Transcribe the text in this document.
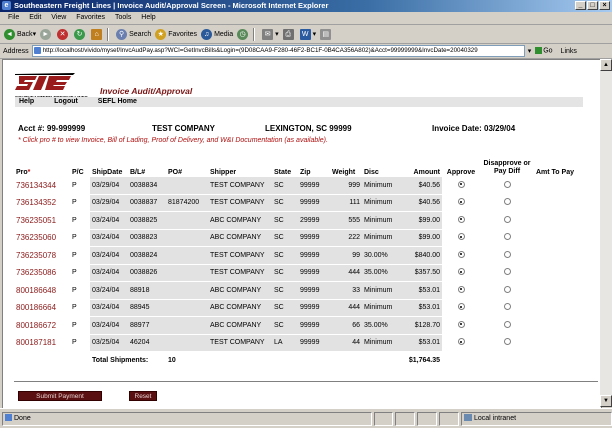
e Southeastern Freight Lines | Invoice Audit/Approval Screen - Microsoft Internet Explorer	_	□	×
File Edit View Favorites Tools Help
◄ Back ▾ ►	✕	↻	⌂	⚲ Search ★ Favorites ♫ Media ◷	✉ ▾ ⎙	W ▾ ▤
Address	http://localhost/vivido/mysef/InvcAudPay.asp?WCI=GetInvcBills&Login=(9D08CAA9-F280-46F2-BC1F-0B4CA356A802)&Acct=99999999&InvcDate=20040329	▾	Go Links
▲
▼
Invoice Audit/Approval
Help	Logout	SEFL Home
Acct #: 99-999999	TEST COMPANY	LEXINGTON, SC 99999	Invoice Date: 03/29/04
* Click pro # to view Invoice, Bill of Lading, Proof of Delivery, and W&I Documentation (as available).
Pro*	P/C	ShipDate	B/L#	PO#	Shipper	State	Zip	Weight	Disc	Amount	Approve	Disapprove or Pay Diff	Amt To Pay
736134344	P	03/29/04	0038834		TEST COMPANY	SC	99999	999	Minimum	$40.56			
736134352	P	03/29/04	0038837	81874200	TEST COMPANY	SC	99999	111	Minimum	$40.56			
736235051	P	03/24/04	0038825		ABC COMPANY	SC	29999	555	Minimum	$99.00			
736235060	P	03/24/04	0038823		ABC COMPANY	SC	99999	222	Minimum	$99.00			
736235078	P	03/24/04	0038824		TEST COMPANY	SC	99999	99	30.00%	$840.00			
736235086	P	03/24/04	0038826		TEST COMPANY	SC	99999	444	35.00%	$357.50			
800186648	P	03/24/04	88918		ABC COMPANY	SC	99999	33	Minimum	$53.01			
800186664	P	03/24/04	88945		ABC COMPANY	SC	99999	444	Minimum	$53.01			
800186672	P	03/24/04	88977		ABC COMPANY	SC	99999	66	35.00%	$128.70			
800187181	P	03/25/04	46204		TEST COMPANY	LA	99999	44	Minimum	$53.01			
		Total Shipments:		10						$1,764.35			
Submit Payment	Reset
Done	Local intranet
